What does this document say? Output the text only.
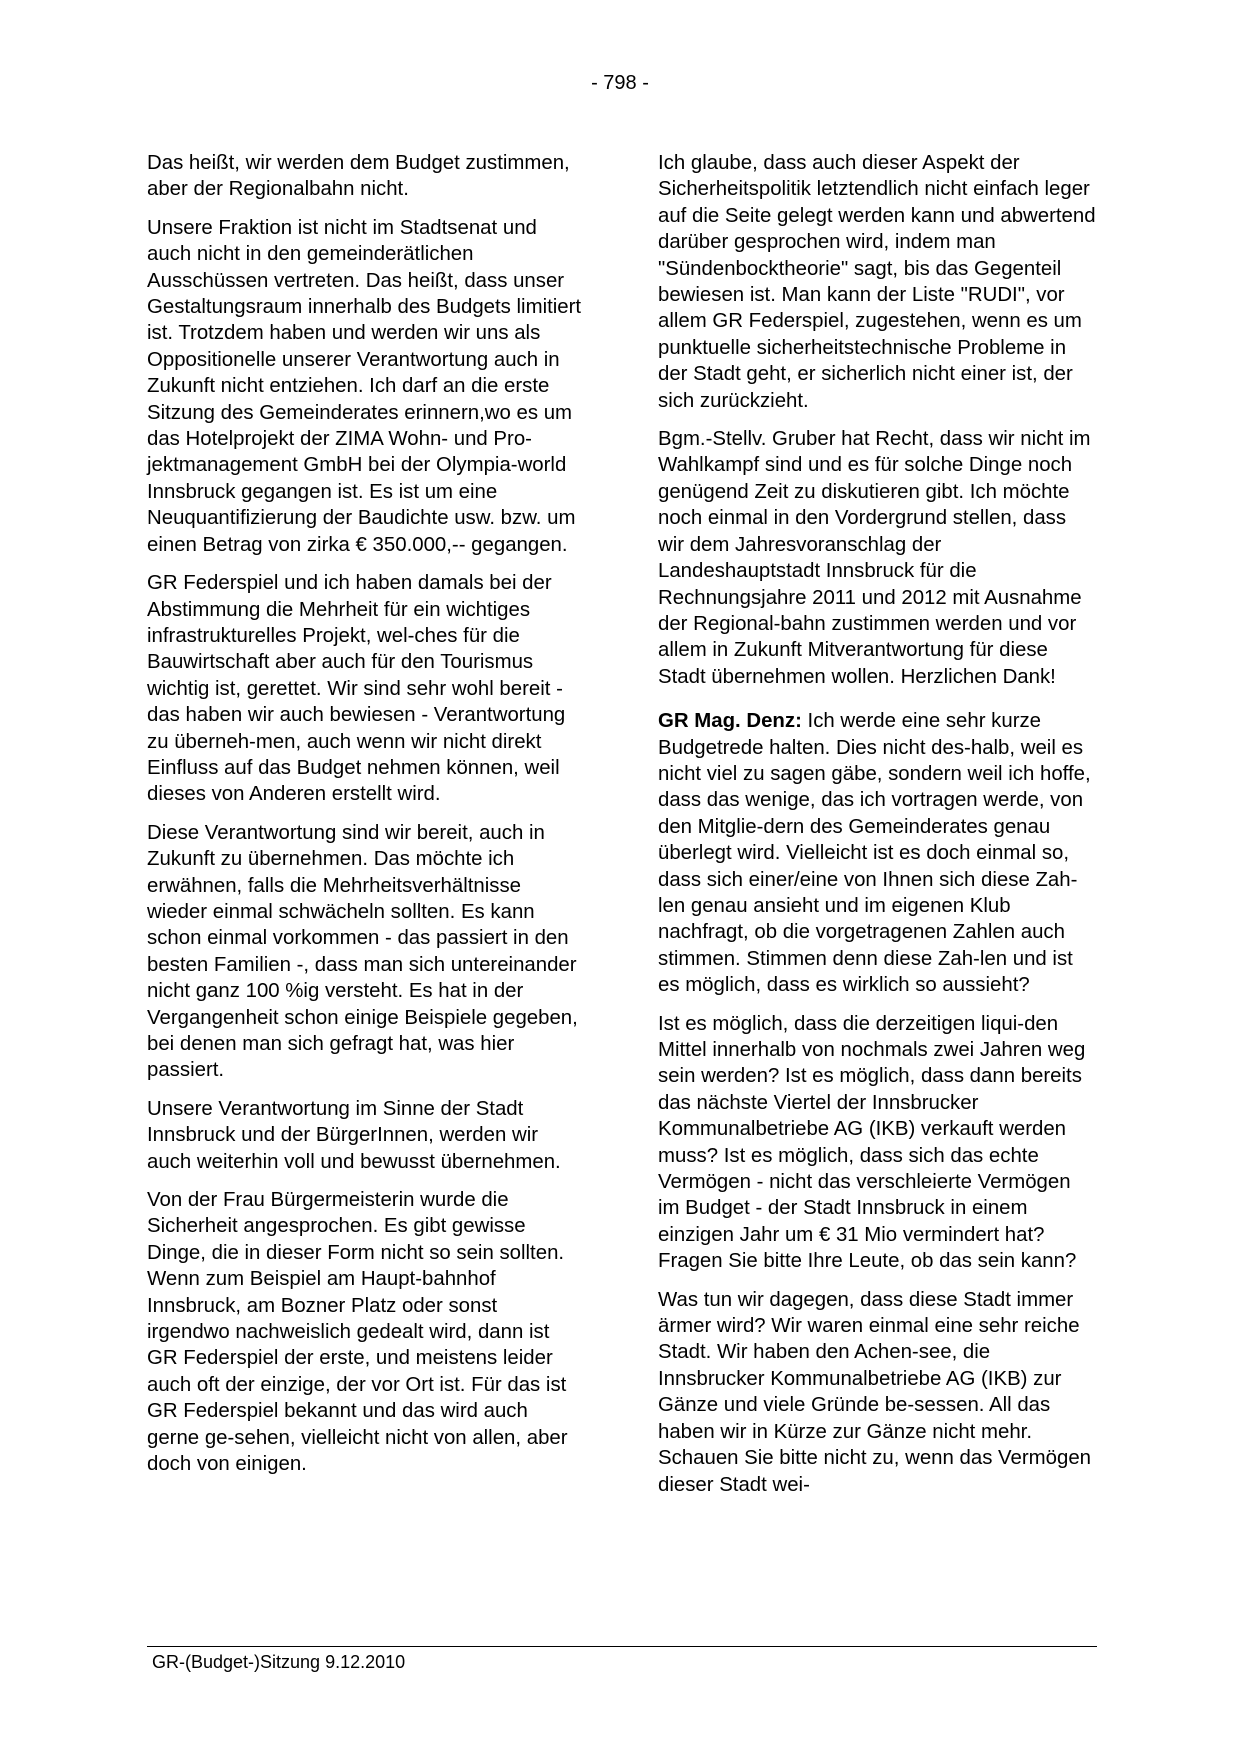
- 798 -

Das heißt, wir werden dem Budget zustimmen, aber der Regionalbahn nicht.

Unsere Fraktion ist nicht im Stadtsenat und auch nicht in den gemeinderätlichen Ausschüssen vertreten. Das heißt, dass unser Gestaltungsraum innerhalb des Budgets limitiert ist. Trotzdem haben und werden wir uns als Oppositionelle unserer Verantwortung auch in Zukunft nicht entziehen. Ich darf an die erste Sitzung des Gemeinderates erinnern,wo es um das Hotelprojekt der ZIMA Wohn- und Pro-jektmanagement GmbH bei der Olympia-world Innsbruck gegangen ist. Es ist um eine Neuquantifizierung der Baudichte usw. bzw. um einen Betrag von zirka € 350.000,-- gegangen.

GR Federspiel und ich haben damals bei der Abstimmung die Mehrheit für ein wichtiges infrastrukturelles Projekt, wel-ches für die Bauwirtschaft aber auch für den Tourismus wichtig ist, gerettet. Wir sind sehr wohl bereit - das haben wir auch bewiesen - Verantwortung zu überneh-men, auch wenn wir nicht direkt Einfluss auf das Budget nehmen können, weil dieses von Anderen erstellt wird.

Diese Verantwortung sind wir bereit, auch in Zukunft zu übernehmen. Das möchte ich erwähnen, falls die Mehrheitsverhältnisse wieder einmal schwächeln sollten. Es kann schon einmal vorkommen - das passiert in den besten Familien -, dass man sich untereinander nicht ganz 100 %ig versteht. Es hat in der Vergangenheit schon einige Beispiele gegeben, bei denen man sich gefragt hat, was hier passiert.

Unsere Verantwortung im Sinne der Stadt Innsbruck und der BürgerInnen, werden wir auch weiterhin voll und bewusst übernehmen.

Von der Frau Bürgermeisterin wurde die Sicherheit angesprochen. Es gibt gewisse Dinge, die in dieser Form nicht so sein sollten. Wenn zum Beispiel am Haupt-bahnhof Innsbruck, am Bozner Platz oder sonst irgendwo nachweislich gedealt wird, dann ist GR Federspiel der erste, und meistens leider auch oft der einzige, der vor Ort ist. Für das ist GR Federspiel bekannt und das wird auch gerne ge-sehen, vielleicht nicht von allen, aber doch von einigen.

Ich glaube, dass auch dieser Aspekt der Sicherheitspolitik letztendlich nicht einfach leger auf die Seite gelegt werden kann und abwertend darüber gesprochen wird, indem man "Sündenbocktheorie" sagt, bis das Gegenteil bewiesen ist. Man kann der Liste "RUDI", vor allem GR Federspiel, zugestehen, wenn es um punktuelle sicherheitstechnische Probleme in der Stadt geht, er sicherlich nicht einer ist, der sich zurückzieht.

Bgm.-Stellv. Gruber hat Recht, dass wir nicht im Wahlkampf sind und es für solche Dinge noch genügend Zeit zu diskutieren gibt. Ich möchte noch einmal in den Vordergrund stellen, dass wir dem Jahresvoranschlag der Landeshauptstadt Innsbruck für die Rechnungsjahre 2011 und 2012 mit Ausnahme der Regional-bahn zustimmen werden und vor allem in Zukunft Mitverantwortung für diese Stadt übernehmen wollen. Herzlichen Dank!

GR Mag. Denz: Ich werde eine sehr kurze Budgetrede halten. Dies nicht des-halb, weil es nicht viel zu sagen gäbe, sondern weil ich hoffe, dass das wenige, das ich vortragen werde, von den Mitglie-dern des Gemeinderates genau überlegt wird. Vielleicht ist es doch einmal so, dass sich einer/eine von Ihnen sich diese Zah-len genau ansieht und im eigenen Klub nachfragt, ob die vorgetragenen Zahlen auch stimmen. Stimmen denn diese Zah-len und ist es möglich, dass es wirklich so aussieht?

Ist es möglich, dass die derzeitigen liqui-den Mittel innerhalb von nochmals zwei Jahren weg sein werden? Ist es möglich, dass dann bereits das nächste Viertel der Innsbrucker Kommunalbetriebe AG (IKB) verkauft werden muss? Ist es möglich, dass sich das echte Vermögen - nicht das verschleierte Vermögen im Budget - der Stadt Innsbruck in einem einzigen Jahr um € 31 Mio vermindert hat? Fragen Sie bitte Ihre Leute, ob das sein kann?

Was tun wir dagegen, dass diese Stadt immer ärmer wird? Wir waren einmal eine sehr reiche Stadt. Wir haben den Achen-see, die Innsbrucker Kommunalbetriebe AG (IKB) zur Gänze und viele Gründe be-sessen. All das haben wir in Kürze zur Gänze nicht mehr. Schauen Sie bitte nicht zu, wenn das Vermögen dieser Stadt wei-

GR-(Budget-)Sitzung 9.12.2010
